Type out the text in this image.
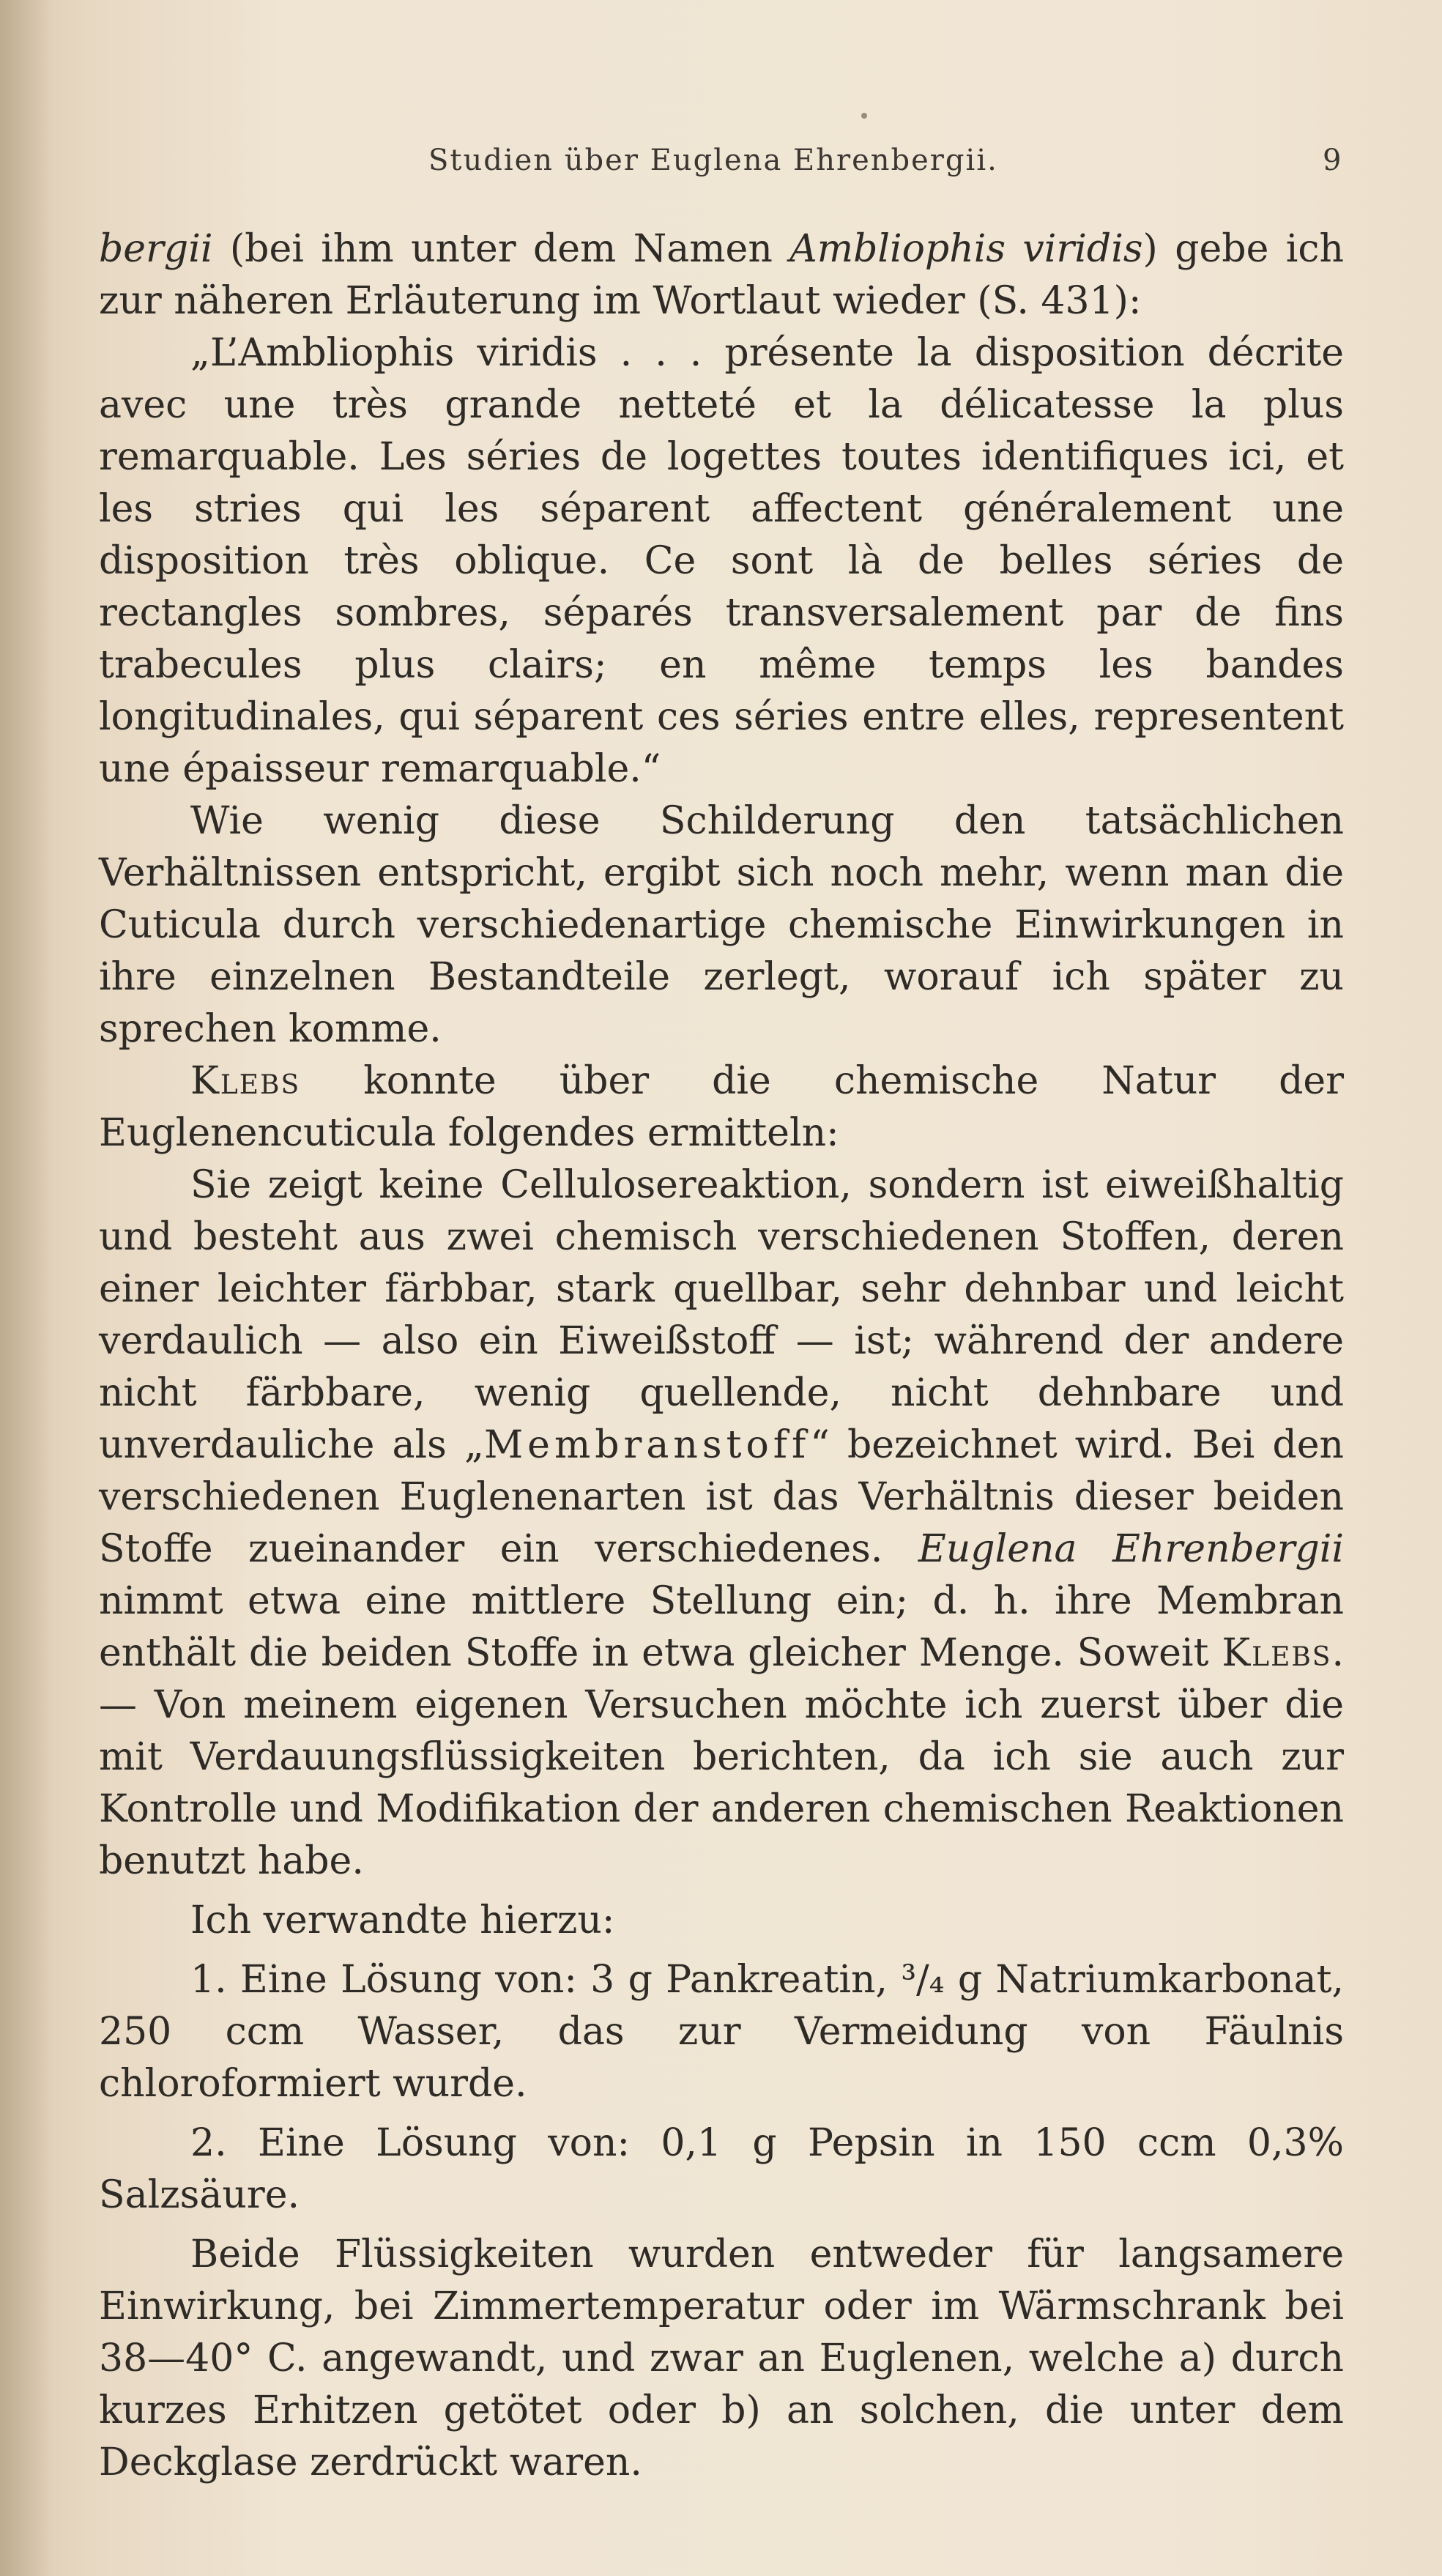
Studien über Euglena Ehrenbergii.	9

bergii (bei ihm unter dem Namen Ambliophis viridis) gebe ich zur näheren Erläuterung im Wortlaut wieder (S. 431):

„L’Ambliophis viridis . . . présente la disposition décrite avec une très grande netteté et la délicatesse la plus remarquable. Les séries de logettes toutes identifiques ici, et les stries qui les séparent affectent généralement une disposition très oblique. Ce sont là de belles séries de rectangles sombres, séparés transversalement par de fins trabecules plus clairs; en même temps les bandes longitudinales, qui séparent ces séries entre elles, representent une épaisseur remarquable.“

Wie wenig diese Schilderung den tatsächlichen Verhältnissen entspricht, ergibt sich noch mehr, wenn man die Cuticula durch verschiedenartige chemische Einwirkungen in ihre einzelnen Bestandteile zerlegt, worauf ich später zu sprechen komme.

Klebs konnte über die chemische Natur der Euglenencuticula folgendes ermitteln:

Sie zeigt keine Cellulosereaktion, sondern ist eiweißhaltig und besteht aus zwei chemisch verschiedenen Stoffen, deren einer leichter färbbar, stark quellbar, sehr dehnbar und leicht verdaulich — also ein Eiweißstoff — ist; während der andere nicht färbbare, wenig quellende, nicht dehnbare und unverdauliche als „Membranstoff“ bezeichnet wird. Bei den verschiedenen Euglenenarten ist das Verhältnis dieser beiden Stoffe zueinander ein verschiedenes. Euglena Ehrenbergii nimmt etwa eine mittlere Stellung ein; d. h. ihre Membran enthält die beiden Stoffe in etwa gleicher Menge. Soweit Klebs. — Von meinem eigenen Versuchen möchte ich zuerst über die mit Verdauungsflüssigkeiten berichten, da ich sie auch zur Kontrolle und Modifikation der anderen chemischen Reaktionen benutzt habe.

Ich verwandte hierzu:

1. Eine Lösung von: 3 g Pankreatin, ³/₄ g Natriumkarbonat, 250 ccm Wasser, das zur Vermeidung von Fäulnis chloroformiert wurde.

2. Eine Lösung von: 0,1 g Pepsin in 150 ccm 0,3% Salzsäure.

Beide Flüssigkeiten wurden entweder für langsamere Einwirkung, bei Zimmertemperatur oder im Wärmschrank bei 38—40° C. angewandt, und zwar an Euglenen, welche a) durch kurzes Erhitzen getötet oder b) an solchen, die unter dem Deckglase zerdrückt waren.
